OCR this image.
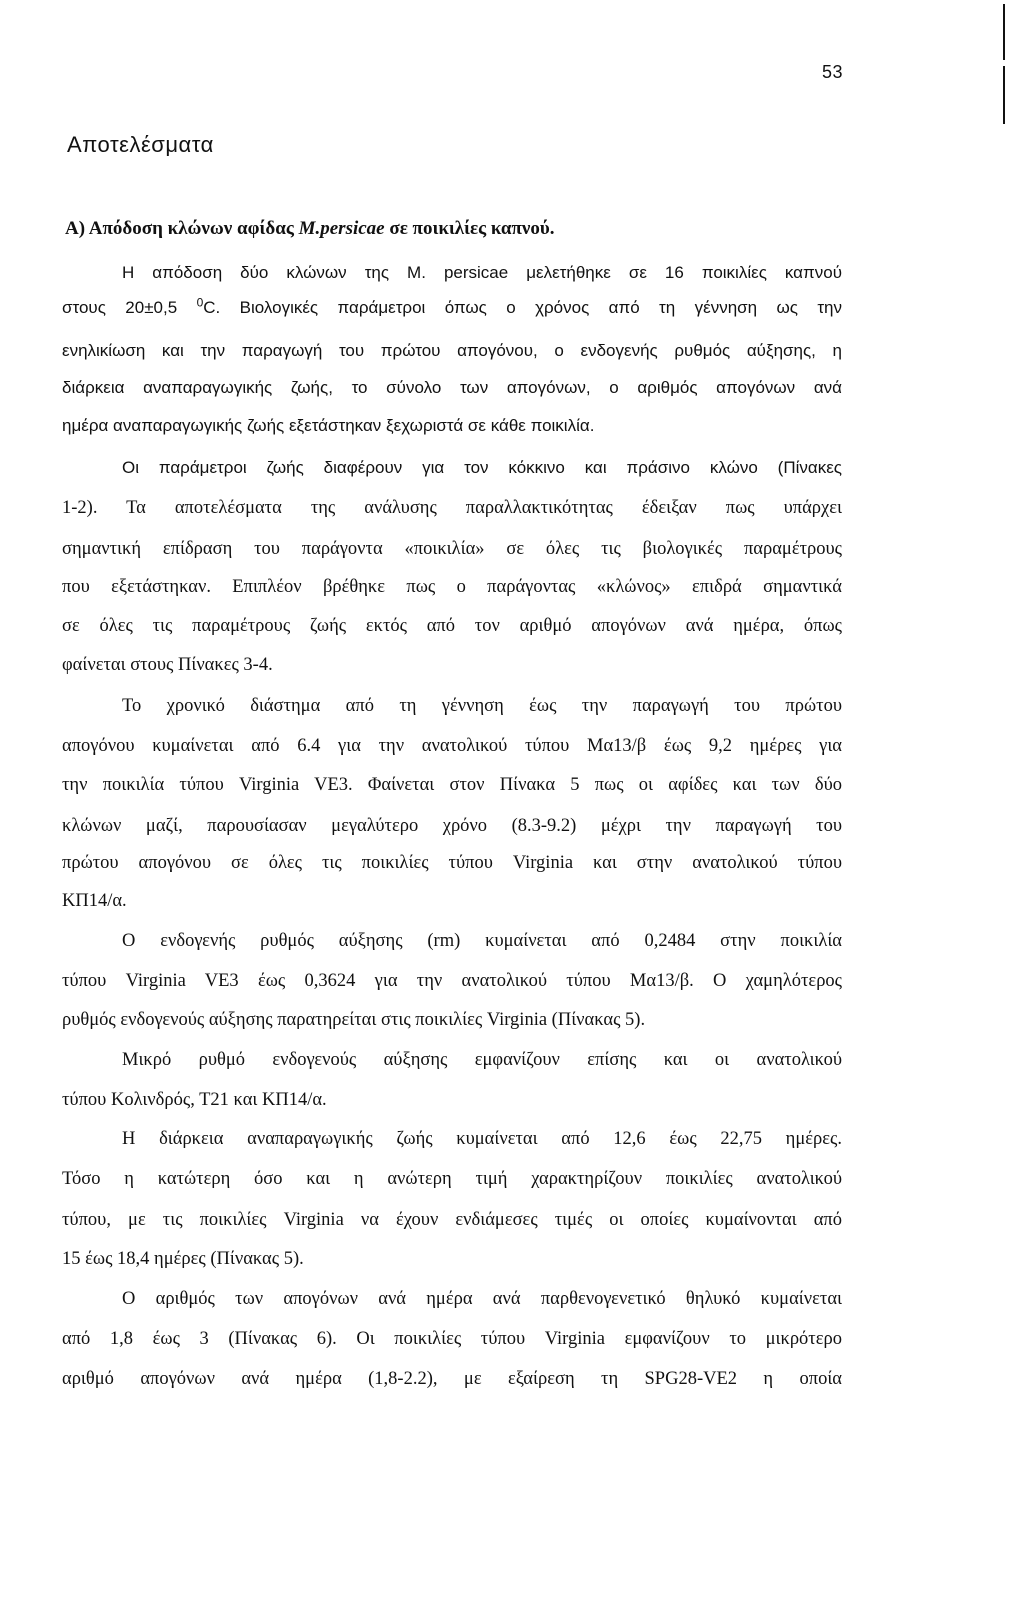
53
Αποτελέσματα
Α) Απόδοση κλώνων αφίδας M.persicae σε ποικιλίες καπνού.
Η απόδοση δύο κλώνων της M. persicae μελετήθηκε σε 16 ποικιλίες καπνού
στους 20±0,5 $^0$C. Βιολογικές παράμετροι όπως ο χρόνος από τη γέννηση ως την
ενηλικίωση και την παραγωγή του πρώτου απογόνου, ο ενδογενής ρυθμός αύξησης, η
διάρκεια αναπαραγωγικής ζωής, το σύνολο των απογόνων, ο αριθμός απογόνων ανά
ημέρα αναπαραγωγικής ζωής εξετάστηκαν ξεχωριστά σε κάθε ποικιλία.
Οι παράμετροι ζωής διαφέρουν για τον κόκκινο και πράσινο κλώνο (Πίνακες
1-2). Τα αποτελέσματα της ανάλυσης παραλλακτικότητας έδειξαν πως υπάρχει
σημαντική επίδραση του παράγοντα «ποικιλία» σε όλες τις βιολογικές παραμέτρους
που εξετάστηκαν. Επιπλέον βρέθηκε πως ο παράγοντας «κλώνος» επιδρά σημαντικά
σε όλες τις παραμέτρους ζωής εκτός από τον αριθμό απογόνων ανά ημέρα, όπως
φαίνεται στους Πίνακες 3-4.
Το χρονικό διάστημα από τη γέννηση έως την παραγωγή του πρώτου
απογόνου κυμαίνεται από 6.4 για την ανατολικού τύπου Μα13/β έως 9,2 ημέρες για
την ποικιλία τύπου Virginia VE3. Φαίνεται στον Πίνακα 5 πως οι αφίδες και των δύο
κλώνων μαζί, παρουσίασαν μεγαλύτερο χρόνο (8.3-9.2) μέχρι την παραγωγή του
πρώτου απογόνου σε όλες τις ποικιλίες τύπου Virginia και στην ανατολικού τύπου
ΚΠ14/α.
Ο ενδογενής ρυθμός αύξησης (rm) κυμαίνεται από 0,2484 στην ποικιλία
τύπου Virginia VE3 έως 0,3624 για την ανατολικού τύπου Μα13/β. Ο χαμηλότερος
ρυθμός ενδογενούς αύξησης παρατηρείται στις ποικιλίες Virginia (Πίνακας 5).
Μικρό ρυθμό ενδογενούς αύξησης εμφανίζουν επίσης και οι ανατολικού
τύπου Κολινδρός, Τ21 και ΚΠ14/α.
Η διάρκεια αναπαραγωγικής ζωής κυμαίνεται από 12,6 έως 22,75 ημέρες.
Τόσο η κατώτερη όσο και η ανώτερη τιμή χαρακτηρίζουν ποικιλίες ανατολικού
τύπου, με τις ποικιλίες Virginia να έχουν ενδιάμεσες τιμές οι οποίες κυμαίνονται από
15 έως 18,4 ημέρες (Πίνακας 5).
Ο αριθμός των απογόνων ανά ημέρα ανά παρθενογενετικό θηλυκό κυμαίνεται
από 1,8 έως 3 (Πίνακας 6). Οι ποικιλίες τύπου Virginia εμφανίζουν το μικρότερο
αριθμό απογόνων ανά ημέρα (1,8-2.2), με εξαίρεση τη SPG28-VE2 η οποία
